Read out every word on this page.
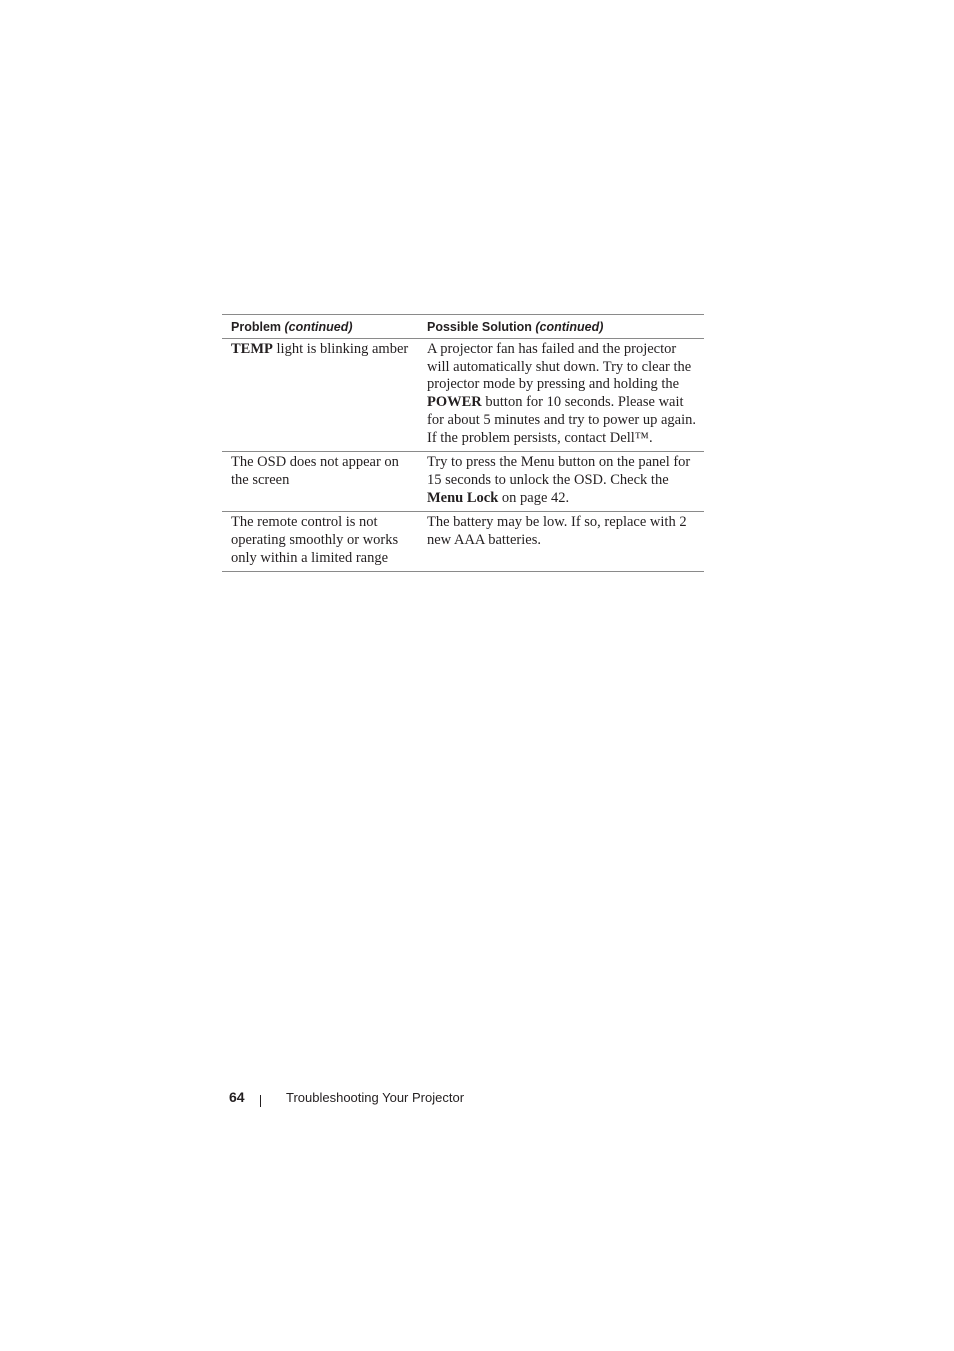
Problem (continued)	Possible Solution (continued)
TEMP light is blinking amber	A projector fan has failed and the projector will automatically shut down. Try to clear the projector mode by pressing and holding the POWER button for 10 seconds. Please wait for about 5 minutes and try to power up again. If the problem persists, contact Dell™.
The OSD does not appear on the screen	Try to press the Menu button on the panel for 15 seconds to unlock the OSD. Check the Menu Lock on page 42.
The remote control is not operating smoothly or works only within a limited range	The battery may be low. If so, replace with 2 new AAA batteries.
64	Troubleshooting Your Projector
